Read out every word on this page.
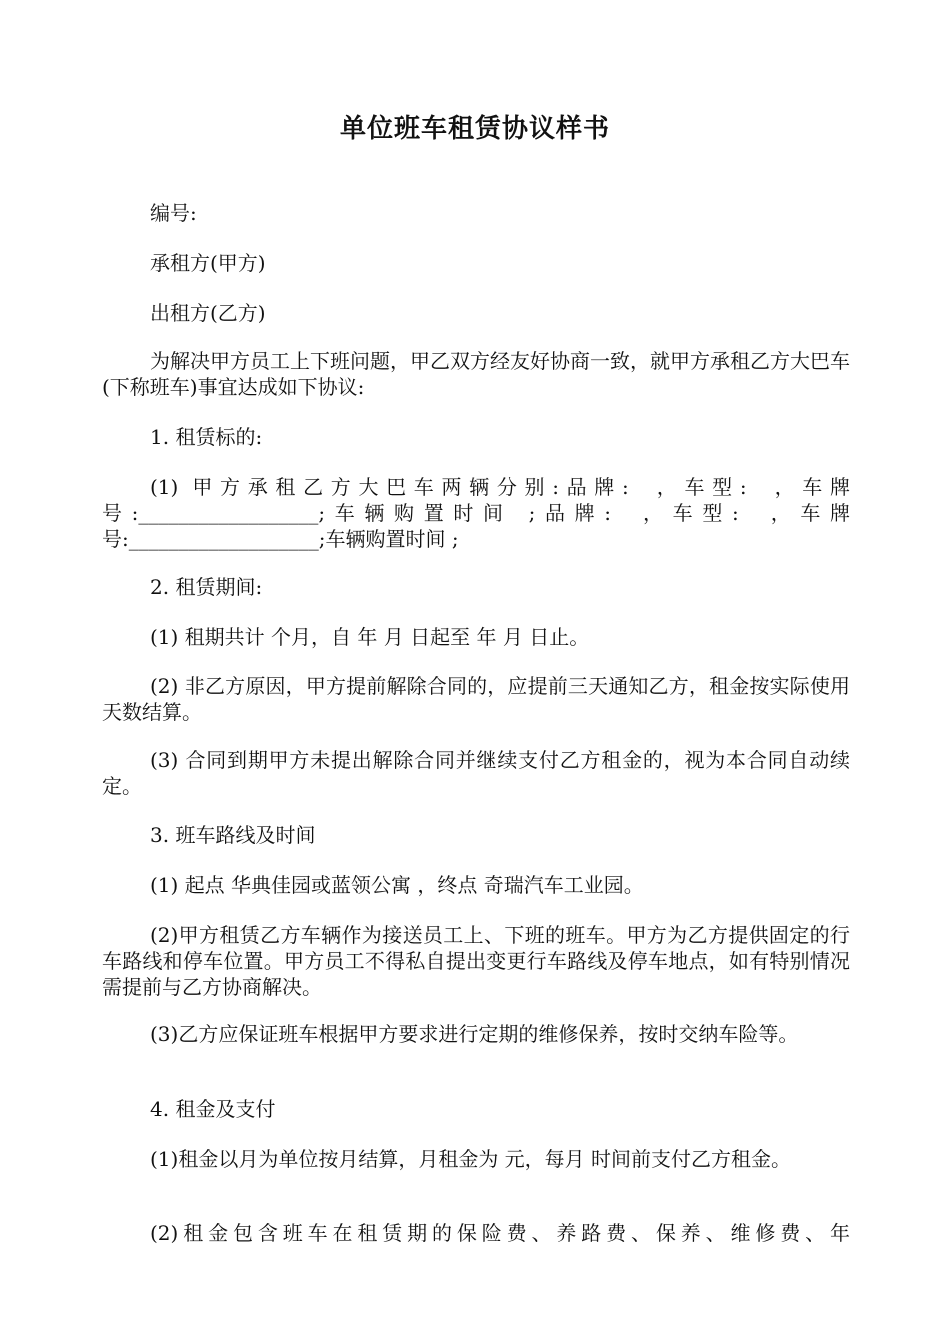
单位班车租赁协议样书
编号:
承租方(甲方)
出租方(乙方)
为解决甲方员工上下班问题，甲乙双方经友好协商一致，就甲方承租乙方大巴车(下称班车)事宜达成如下协议:
1. 租赁标的:
(1) 甲方承租乙方大巴车两辆分别:品牌:  ，车型:  ，车牌号:__________________;车辆购置时间 ;品牌:  ，车型:  ，车牌号:___________________;车辆购置时间 ;
2. 租赁期间:
(1) 租期共计 个月，自 年 月 日起至 年 月 日止。
(2) 非乙方原因，甲方提前解除合同的，应提前三天通知乙方，租金按实际使用天数结算。
(3) 合同到期甲方未提出解除合同并继续支付乙方租金的，视为本合同自动续定。
3. 班车路线及时间
(1) 起点 华典佳园或蓝领公寓 ，终点 奇瑞汽车工业园。
(2)甲方租赁乙方车辆作为接送员工上、下班的班车。甲方为乙方提供固定的行车路线和停车位置。甲方员工不得私自提出变更行车路线及停车地点，如有特别情况需提前与乙方协商解决。
(3)乙方应保证班车根据甲方要求进行定期的维修保养，按时交纳车险等。
4. 租金及支付
(1)租金以月为单位按月结算，月租金为 元，每月 时间前支付乙方租金。
(2)租金包含班车在租赁期的保险费、养路费、保养、维修费、年
